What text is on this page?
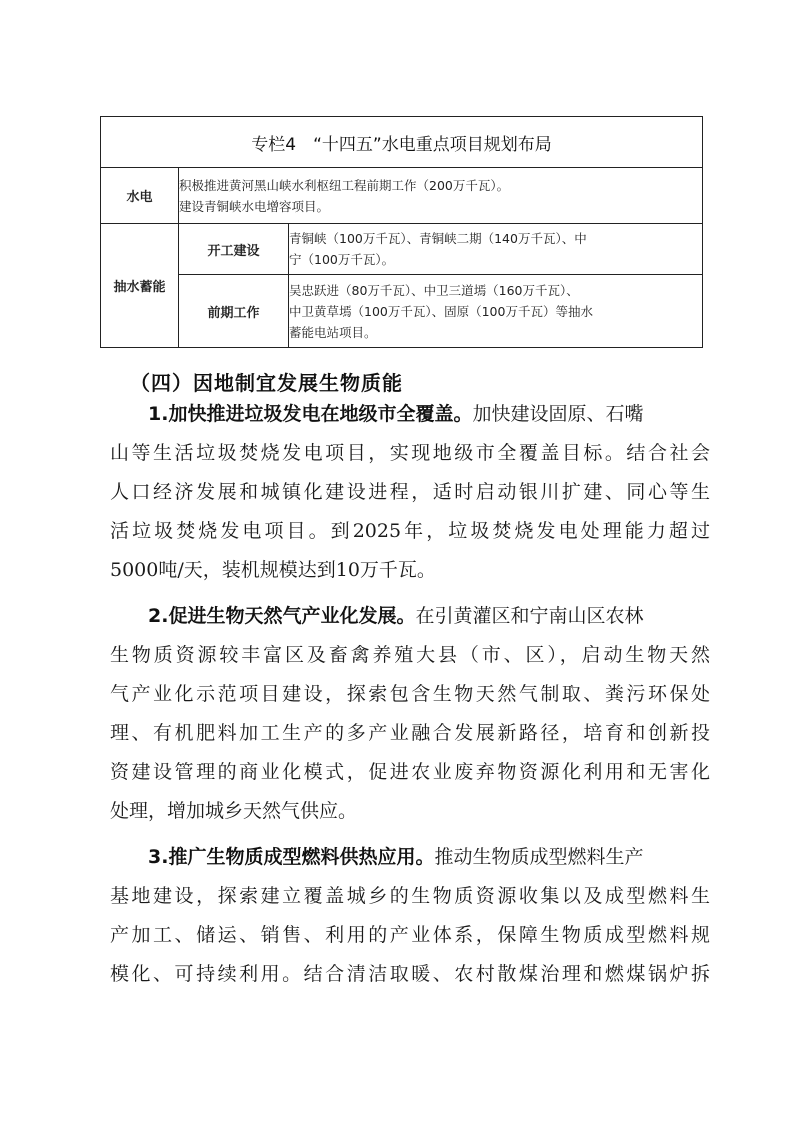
专栏4　“十四五”水电重点项目规划布局		
水电	积极推进黄河黑山峡水利枢纽工程前期工作（200万千瓦）。
建设青铜峡水电增容项目。	

抽水蓄能	开工建设	青铜峡（100万千瓦）、青铜峡二期（140万千瓦）、中
宁（100万千瓦）。

	前期工作	吴忠跃进（80万千瓦）、中卫三道墕（160万千瓦）、
中卫黄草墕（100万千瓦）、固原（100万千瓦）等抽水
蓄能电站项目。
（四）因地制宜发展生物质能
1.加快推进垃圾发电在地级市全覆盖。加快建设固原、石嘴
山等生活垃圾焚烧发电项目，实现地级市全覆盖目标。结合社会
人口经济发展和城镇化建设进程，适时启动银川扩建、同心等生
活垃圾焚烧发电项目。到2025年，垃圾焚烧发电处理能力超过
5000吨/天，装机规模达到10万千瓦。
2.促进生物天然气产业化发展。在引黄灌区和宁南山区农林
生物质资源较丰富区及畜禽养殖大县（市、区），启动生物天然
气产业化示范项目建设，探索包含生物天然气制取、粪污环保处
理、有机肥料加工生产的多产业融合发展新路径，培育和创新投
资建设管理的商业化模式，促进农业废弃物资源化利用和无害化
处理，增加城乡天然气供应。
3.推广生物质成型燃料供热应用。推动生物质成型燃料生产
基地建设，探索建立覆盖城乡的生物质资源收集以及成型燃料生
产加工、储运、销售、利用的产业体系，保障生物质成型燃料规
模化、可持续利用。结合清洁取暖、农村散煤治理和燃煤锅炉拆
